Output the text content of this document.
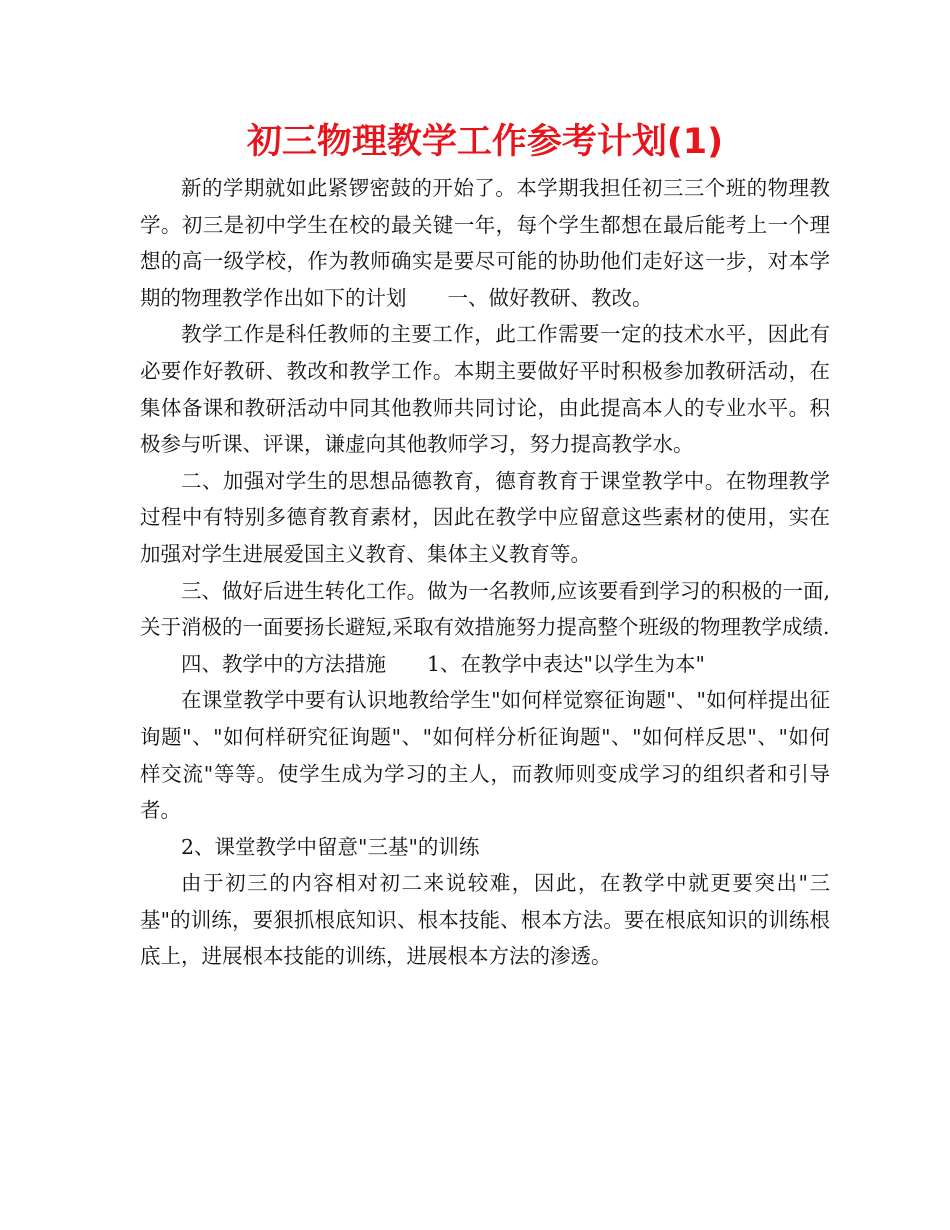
初三物理教学工作参考计划(1)

新的学期就如此紧锣密鼓的开始了。本学期我担任初三三个班的物理教学。初三是初中学生在校的最关键一年，每个学生都想在最后能考上一个理想的高一级学校，作为教师确实是要尽可能的协助他们走好这一步，对本学期的物理教学作出如下的计划　　一、做好教研、教改。

教学工作是科任教师的主要工作，此工作需要一定的技术水平，因此有必要作好教研、教改和教学工作。本期主要做好平时积极参加教研活动，在集体备课和教研活动中同其他教师共同讨论，由此提高本人的专业水平。积极参与听课、评课，谦虚向其他教师学习，努力提高教学水。

二、加强对学生的思想品德教育，德育教育于课堂教学中。在物理教学过程中有特别多德育教育素材，因此在教学中应留意这些素材的使用，实在加强对学生进展爱国主义教育、集体主义教育等。

三、做好后进生转化工作。做为一名教师,应该要看到学习的积极的一面,关于消极的一面要扬长避短,采取有效措施努力提高整个班级的物理教学成绩.

四、教学中的方法措施　　1、在教学中表达"以学生为本"

在课堂教学中要有认识地教给学生"如何样觉察征询题"、"如何样提出征询题"、"如何样研究征询题"、"如何样分析征询题"、"如何样反思"、"如何样交流"等等。使学生成为学习的主人，而教师则变成学习的组织者和引导者。

2、课堂教学中留意"三基"的训练

由于初三的内容相对初二来说较难，因此，在教学中就更要突出"三基"的训练，要狠抓根底知识、根本技能、根本方法。要在根底知识的训练根底上，进展根本技能的训练，进展根本方法的渗透。
